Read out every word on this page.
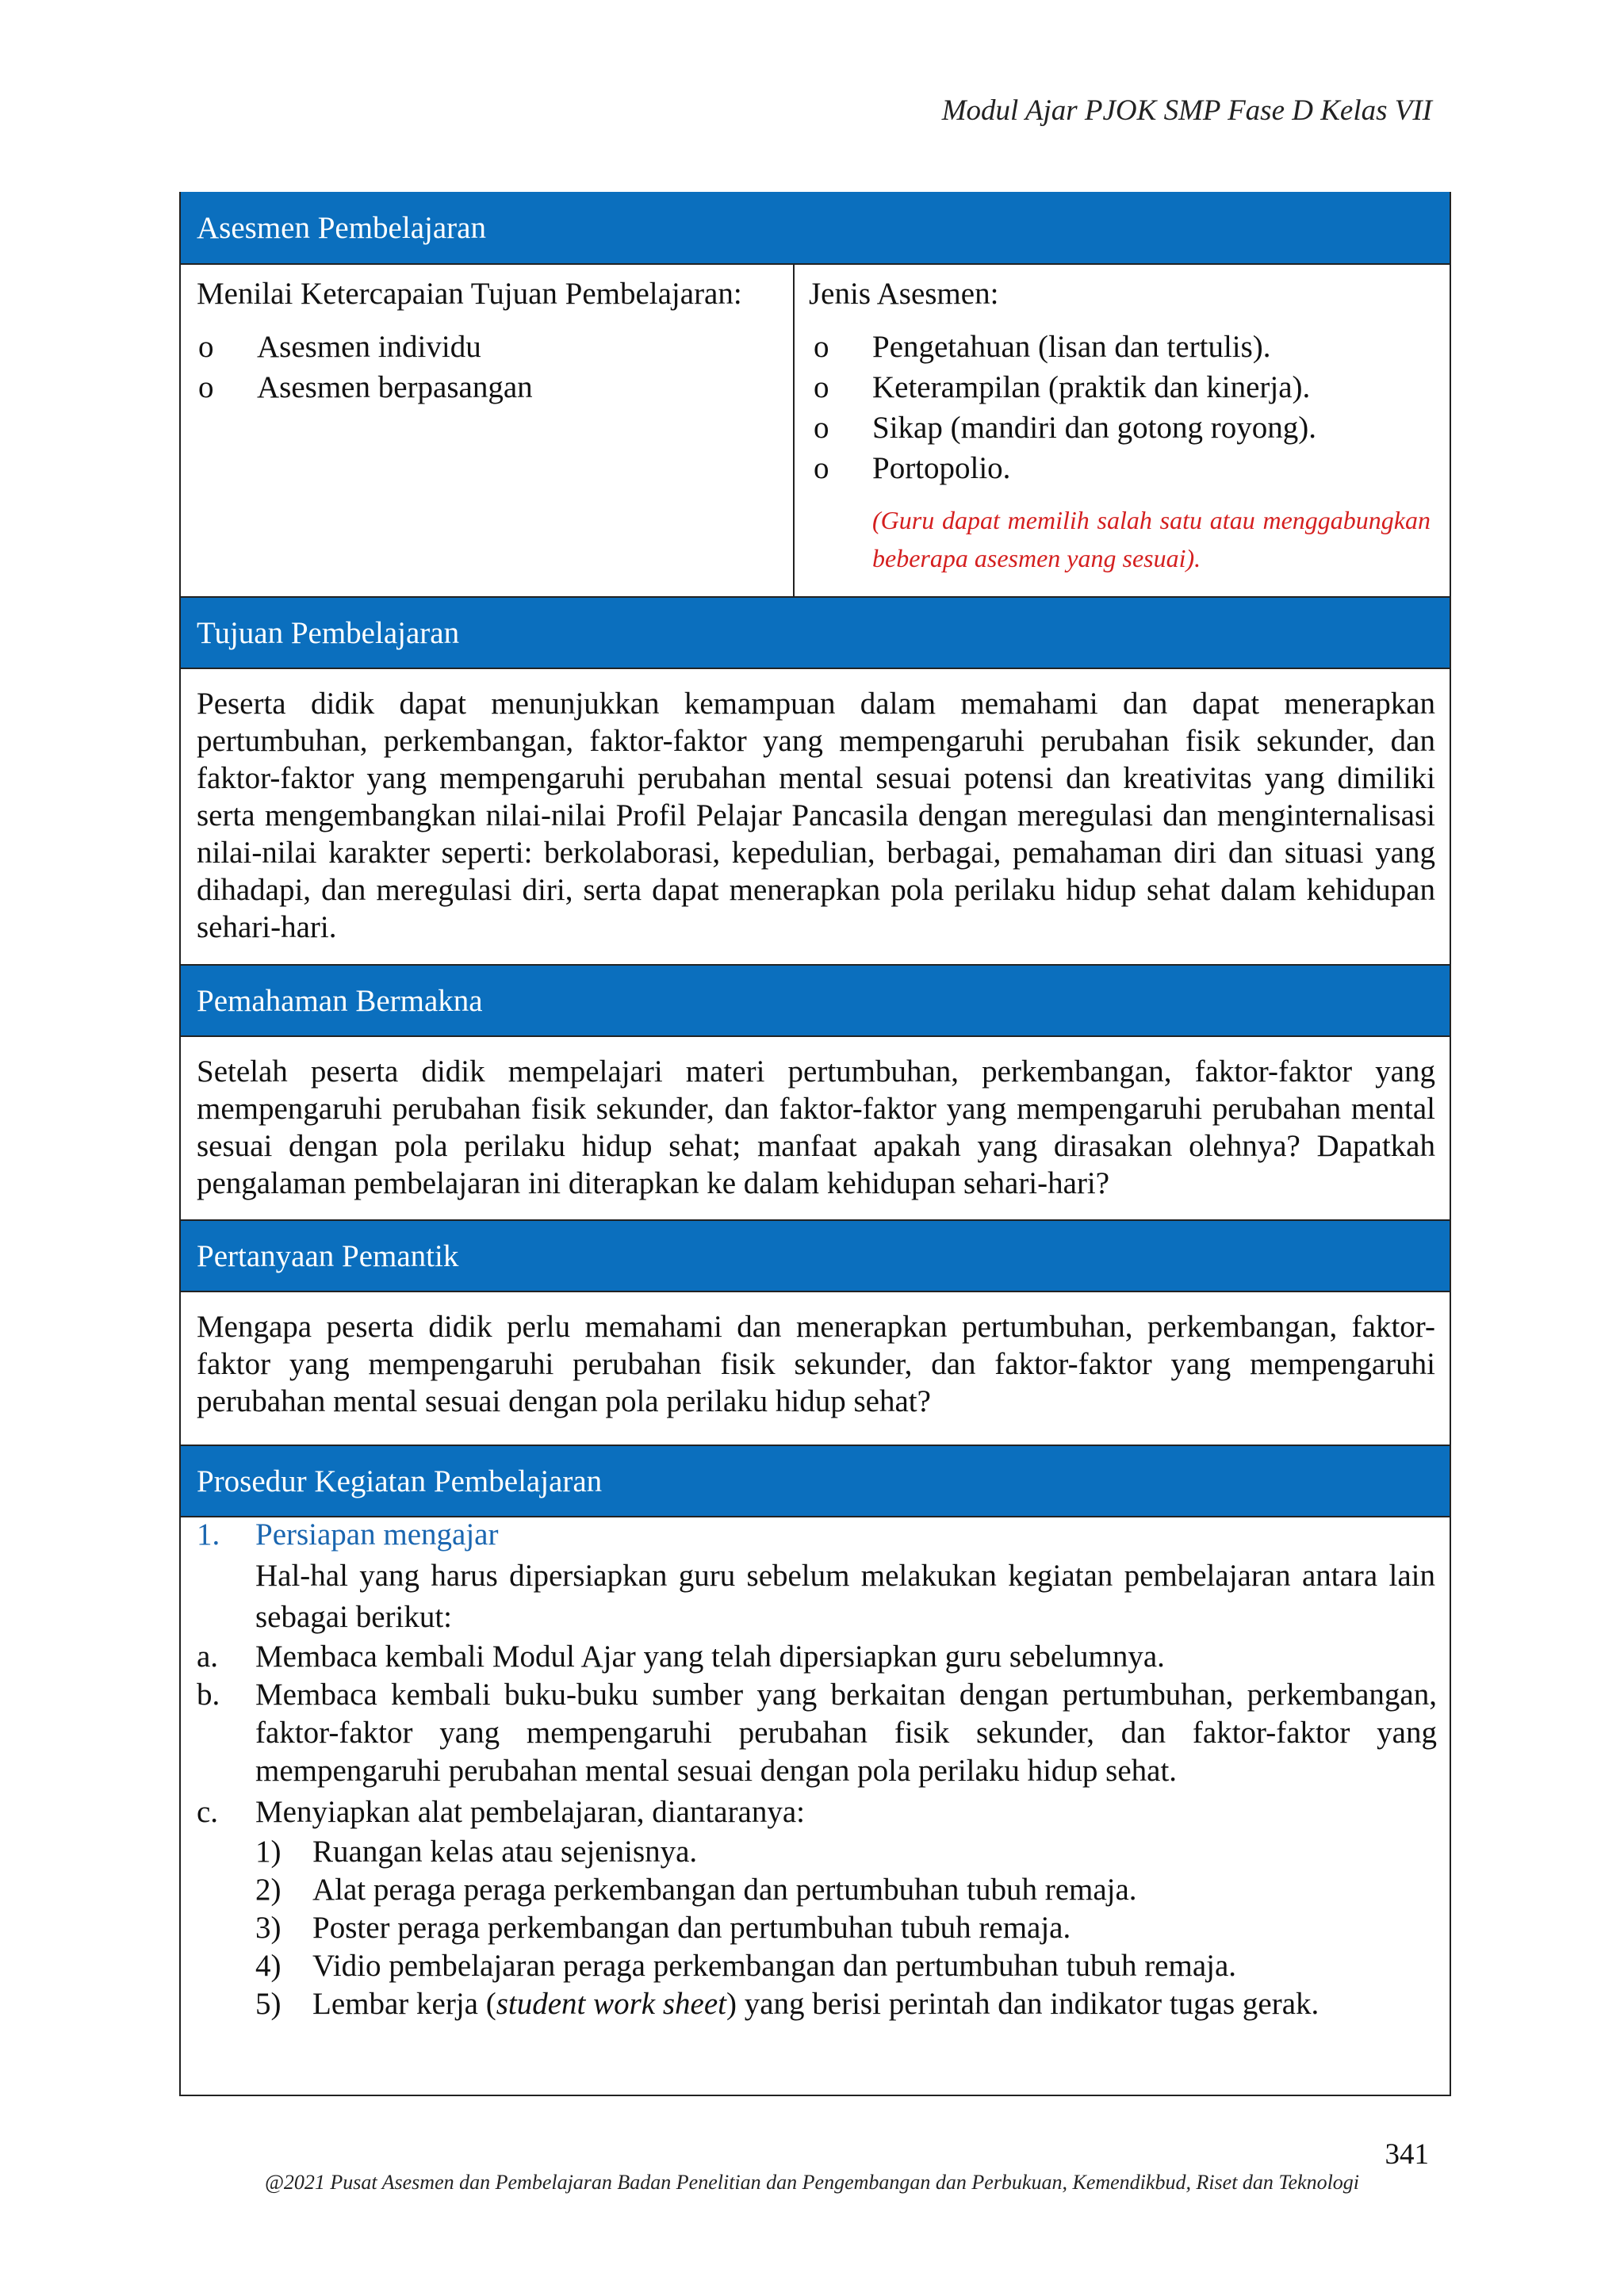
Modul Ajar PJOK SMP Fase D Kelas VII
Asesmen Pembelajaran
Menilai Ketercapaian Tujuan Pembelajaran:
o Asesmen individu
o Asesmen berpasangan
Jenis Asesmen:
o Pengetahuan (lisan dan tertulis).
o Keterampilan (praktik dan kinerja).
o Sikap (mandiri dan gotong royong).
o Portopolio.
(Guru dapat memilih salah satu atau menggabungkan beberapa asesmen yang sesuai).
Tujuan Pembelajaran
Peserta didik dapat menunjukkan kemampuan dalam memahami dan dapat menerapkan pertumbuhan, perkembangan, faktor-faktor yang mempengaruhi perubahan fisik sekunder, dan faktor-faktor yang mempengaruhi perubahan mental sesuai potensi dan kreativitas yang dimiliki serta mengembangkan nilai-nilai Profil Pelajar Pancasila dengan meregulasi dan menginternalisasi nilai-nilai karakter seperti: berkolaborasi, kepedulian, berbagai, pemahaman diri dan situasi yang dihadapi, dan meregulasi diri, serta dapat menerapkan pola perilaku hidup sehat dalam kehidupan sehari-hari.
Pemahaman Bermakna
Setelah peserta didik mempelajari materi pertumbuhan, perkembangan, faktor-faktor yang mempengaruhi perubahan fisik sekunder, dan faktor-faktor yang mempengaruhi perubahan mental sesuai dengan pola perilaku hidup sehat; manfaat apakah yang dirasakan olehnya? Dapatkah pengalaman pembelajaran ini diterapkan ke dalam kehidupan sehari-hari?
Pertanyaan Pemantik
Mengapa peserta didik perlu memahami dan menerapkan pertumbuhan, perkembangan, faktor-faktor yang mempengaruhi perubahan fisik sekunder, dan faktor-faktor yang mempengaruhi perubahan mental sesuai dengan pola perilaku hidup sehat?
Prosedur Kegiatan Pembelajaran
1. Persiapan mengajar
Hal-hal yang harus dipersiapkan guru sebelum melakukan kegiatan pembelajaran antara lain sebagai berikut:
a. Membaca kembali Modul Ajar yang telah dipersiapkan guru sebelumnya.
b. Membaca kembali buku-buku sumber yang berkaitan dengan pertumbuhan, perkembangan, faktor-faktor yang mempengaruhi perubahan fisik sekunder, dan faktor-faktor yang mempengaruhi perubahan mental sesuai dengan pola perilaku hidup sehat.
c. Menyiapkan alat pembelajaran, diantaranya:
1) Ruangan kelas atau sejenisnya.
2) Alat peraga peraga perkembangan dan pertumbuhan tubuh remaja.
3) Poster peraga perkembangan dan pertumbuhan tubuh remaja.
4) Vidio pembelajaran peraga perkembangan dan pertumbuhan tubuh remaja.
5) Lembar kerja (student work sheet) yang berisi perintah dan indikator tugas gerak.
341
@2021 Pusat Asesmen dan Pembelajaran Badan Penelitian dan Pengembangan dan Perbukuan, Kemendikbud, Riset dan Teknologi
